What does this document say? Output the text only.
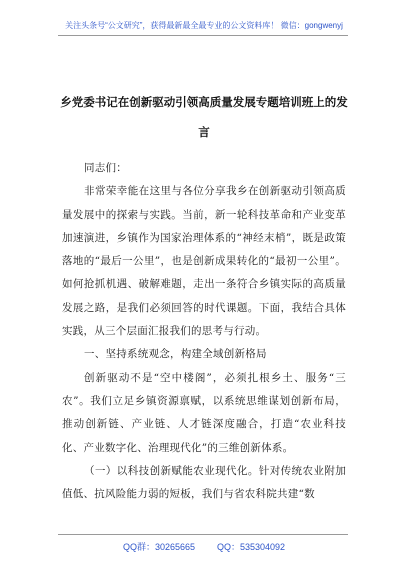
关注头条号“公文研究”，获得最新最全最专业的公文资料库！ 微信：gongwenyj
乡党委书记在创新驱动引领高质量发展专题培训班上的发
言

同志们：

非常荣幸能在这里与各位分享我乡在创新驱动引领高质量发展中的探索与实践。当前，新一轮科技革命和产业变革加速演进，乡镇作为国家治理体系的“神经末梢”，既是政策落地的“最后一公里”，也是创新成果转化的“最初一公里”。如何抢抓机遇、破解难题，走出一条符合乡镇实际的高质量发展之路，是我们必须回答的时代课题。下面，我结合具体实践，从三个层面汇报我们的思考与行动。

一、坚持系统观念，构建全域创新格局

创新驱动不是“空中楼阁”，必须扎根乡土、服务“三农”。我们立足乡镇资源禀赋，以系统思维谋划创新布局，推动创新链、产业链、人才链深度融合，打造“农业科技化、产业数字化、治理现代化”的三维创新体系。

（一）以科技创新赋能农业现代化。针对传统农业附加值低、抗风险能力弱的短板，我们与省农科院共建“数

QQ群：30265665 QQ：535304092
